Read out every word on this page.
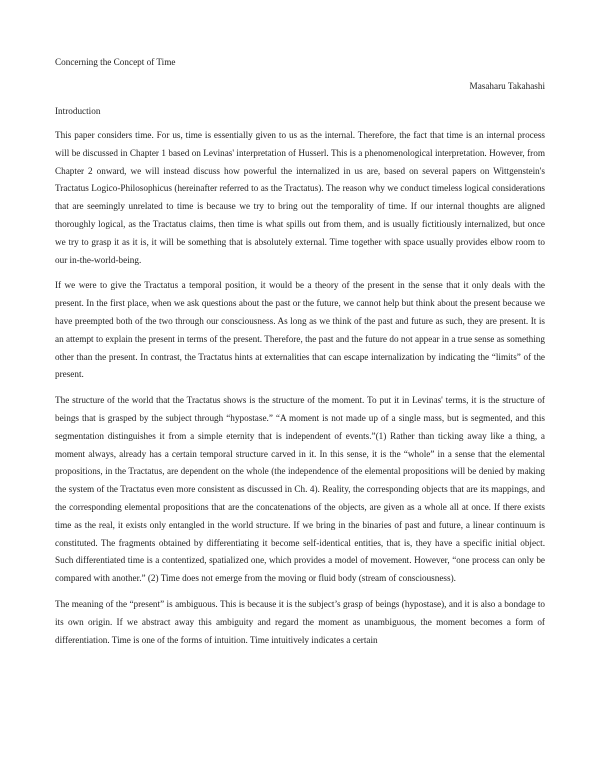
Concerning the Concept of Time
Masaharu Takahashi
Introduction

This paper considers time. For us, time is essentially given to us as the internal. Therefore, the fact that time is an internal process will be discussed in Chapter 1 based on Levinas' interpretation of Husserl. This is a phenomenological interpretation. However, from Chapter 2 onward, we will instead discuss how powerful the internalized in us are, based on several papers on Wittgenstein's Tractatus Logico-Philosophicus (hereinafter referred to as the Tractatus). The reason why we conduct timeless logical considerations that are seemingly unrelated to time is because we try to bring out the temporality of time. If our internal thoughts are aligned thoroughly logical, as the Tractatus claims, then time is what spills out from them, and is usually fictitiously internalized, but once we try to grasp it as it is, it will be something that is absolutely external. Time together with space usually provides elbow room to our in-the-world-being.

If we were to give the Tractatus a temporal position, it would be a theory of the present in the sense that it only deals with the present. In the first place, when we ask questions about the past or the future, we cannot help but think about the present because we have preempted both of the two through our consciousness. As long as we think of the past and future as such, they are present. It is an attempt to explain the present in terms of the present. Therefore, the past and the future do not appear in a true sense as something other than the present. In contrast, the Tractatus hints at externalities that can escape internalization by indicating the “limits” of the present.

The structure of the world that the Tractatus shows is the structure of the moment. To put it in Levinas' terms, it is the structure of beings that is grasped by the subject through “hypostase.” “A moment is not made up of a single mass, but is segmented, and this segmentation distinguishes it from a simple eternity that is independent of events.”(1) Rather than ticking away like a thing, a moment always, already has a certain temporal structure carved in it. In this sense, it is the “whole” in a sense that the elemental propositions, in the Tractatus, are dependent on the whole (the independence of the elemental propositions will be denied by making the system of the Tractatus even more consistent as discussed in Ch. 4). Reality, the corresponding objects that are its mappings, and the corresponding elemental propositions that are the concatenations of the objects, are given as a whole all at once. If there exists time as the real, it exists only entangled in the world structure. If we bring in the binaries of past and future, a linear continuum is constituted. The fragments obtained by differentiating it become self-identical entities, that is, they have a specific initial object. Such differentiated time is a contentized, spatialized one, which provides a model of movement. However, “one process can only be compared with another.” (2) Time does not emerge from the moving or fluid body (stream of consciousness).

The meaning of the “present” is ambiguous. This is because it is the subject’s grasp of beings (hypostase), and it is also a bondage to its own origin. If we abstract away this ambiguity and regard the moment as unambiguous, the moment becomes a form of differentiation. Time is one of the forms of intuition. Time intuitively indicates a certain
